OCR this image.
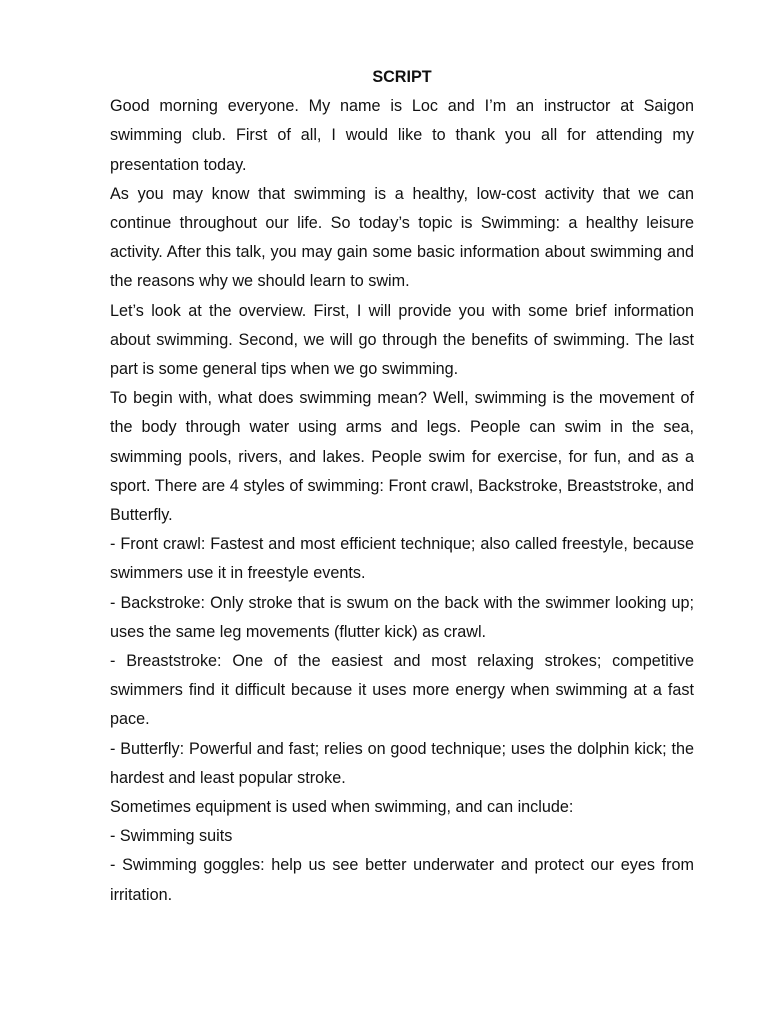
SCRIPT

Good morning everyone. My name is Loc and I’m an instructor at Saigon swimming club. First of all, I would like to thank you all for attending my presentation today.

As you may know that swimming is a healthy, low-cost activity that we can continue throughout our life. So today’s topic is Swimming: a healthy leisure activity. After this talk, you may gain some basic information about swimming and the reasons why we should learn to swim.

Let’s look at the overview. First, I will provide you with some brief information about swimming. Second, we will go through the benefits of swimming. The last part is some general tips when we go swimming.

To begin with, what does swimming mean? Well, swimming is the movement of the body through water using arms and legs. People can swim in the sea, swimming pools, rivers, and lakes. People swim for exercise, for fun, and as a sport. There are 4 styles of swimming: Front crawl, Backstroke, Breaststroke, and Butterfly.

- Front crawl: Fastest and most efficient technique; also called freestyle, because swimmers use it in freestyle events.

- Backstroke: Only stroke that is swum on the back with the swimmer looking up; uses the same leg movements (flutter kick) as crawl.

- Breaststroke: One of the easiest and most relaxing strokes; competitive swimmers find it difficult because it uses more energy when swimming at a fast pace.

- Butterfly: Powerful and fast; relies on good technique; uses the dolphin kick; the hardest and least popular stroke.

Sometimes equipment is used when swimming, and can include:

- Swimming suits

- Swimming goggles: help us see better underwater and protect our eyes from irritation.
